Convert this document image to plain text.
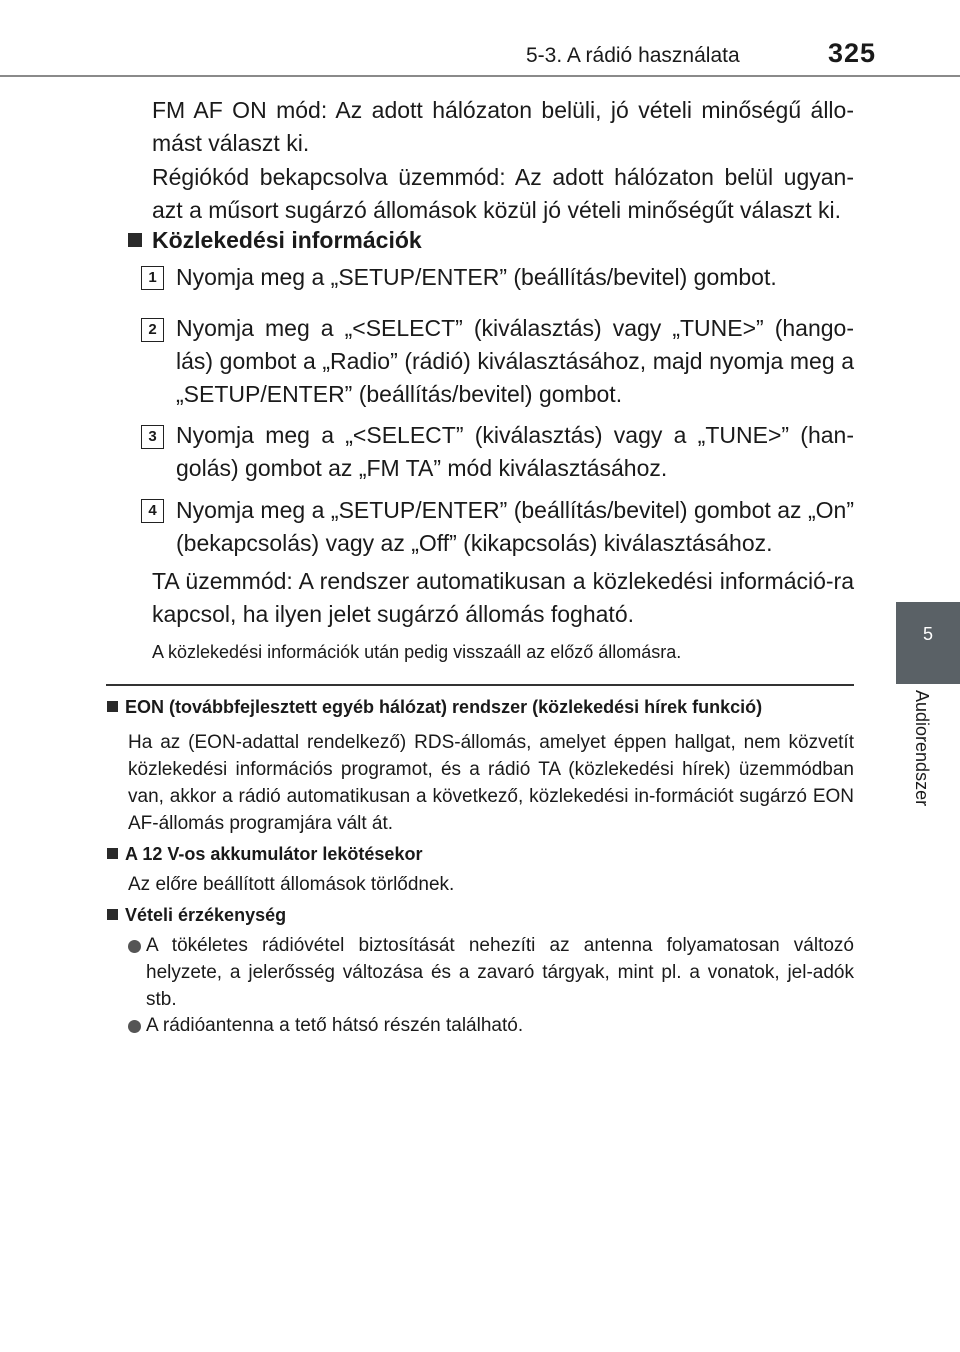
5-3. A rádió használata	325
5
Audiorendszer
FM AF ON mód: Az adott hálózaton belüli, jó vételi minőségű állo-mást választ ki.
Régiókód bekapcsolva üzemmód: Az adott hálózaton belül ugyan-azt a műsort sugárzó állomások közül jó vételi minőségűt választ ki.
Közlekedési információk
1 Nyomja meg a „SETUP/ENTER” (beállítás/bevitel) gombot.
2 Nyomja meg a „<SELECT” (kiválasztás) vagy „TUNE>” (hango-lás) gombot a „Radio” (rádió) kiválasztásához, majd nyomja meg a „SETUP/ENTER” (beállítás/bevitel) gombot.
3 Nyomja meg a „<SELECT” (kiválasztás) vagy a „TUNE>” (han-golás) gombot az „FM TA” mód kiválasztásához.
4 Nyomja meg a „SETUP/ENTER” (beállítás/bevitel) gombot az „On” (bekapcsolás) vagy az „Off” (kikapcsolás) kiválasztásához.
TA üzemmód: A rendszer automatikusan a közlekedési információ-ra kapcsol, ha ilyen jelet sugárzó állomás fogható.
A közlekedési információk után pedig visszaáll az előző állomásra.
EON (továbbfejlesztett egyéb hálózat) rendszer (közlekedési hírek funkció)
Ha az (EON-adattal rendelkező) RDS-állomás, amelyet éppen hallgat, nem közvetít közlekedési információs programot, és a rádió TA (közlekedési hírek) üzemmódban van, akkor a rádió automatikusan a következő, közlekedési in-formációt sugárzó EON AF-állomás programjára vált át.
A 12 V-os akkumulátor lekötésekor
Az előre beállított állomások törlődnek.
Vételi érzékenység
A tökéletes rádióvétel biztosítását nehezíti az antenna folyamatosan változó helyzete, a jelerősség változása és a zavaró tárgyak, mint pl. a vonatok, jel-adók stb.
A rádióantenna a tető hátsó részén található.
